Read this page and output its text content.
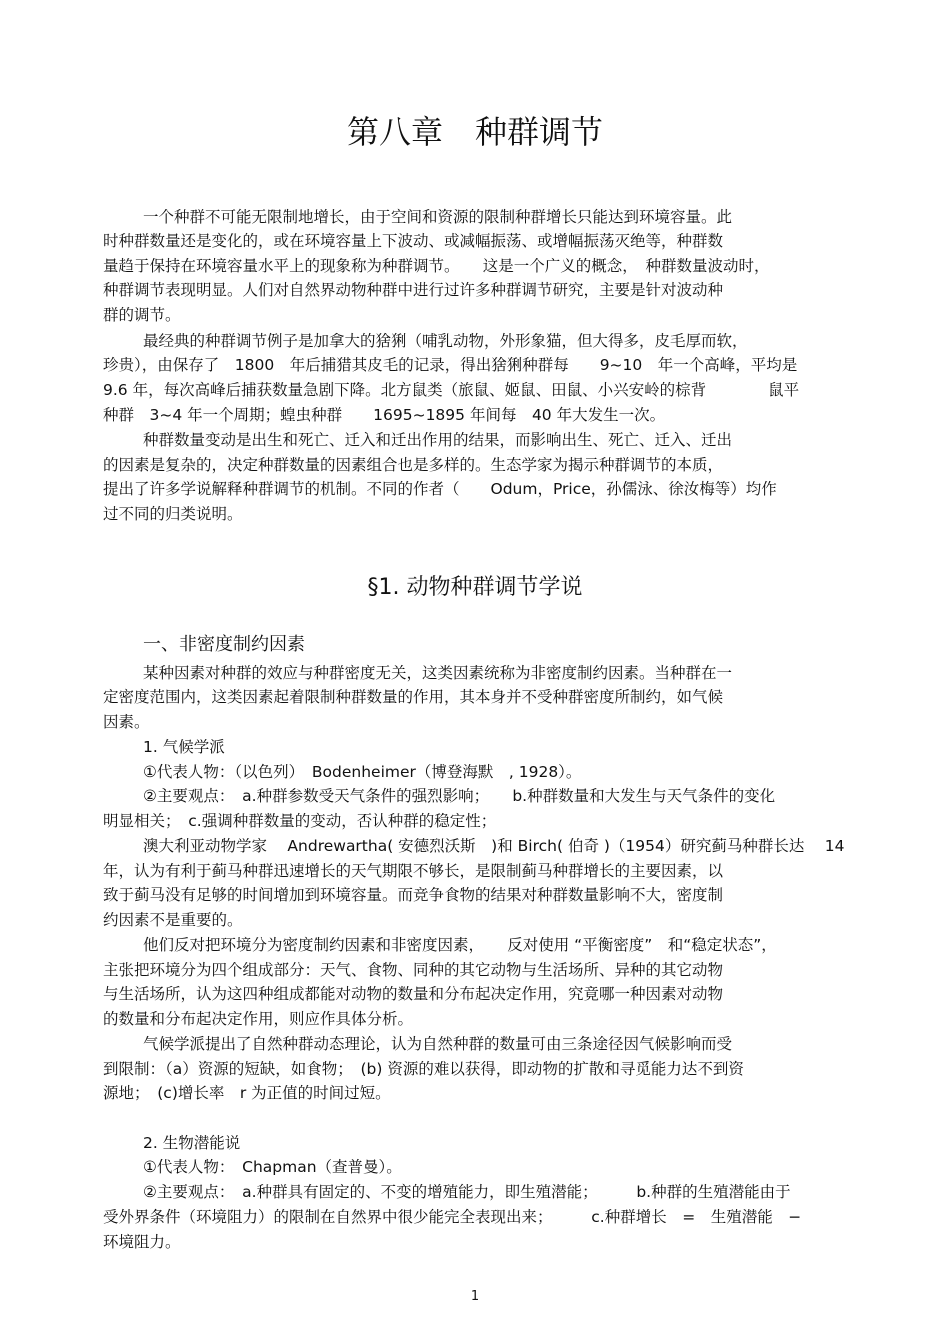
第八章　种群调节
一个种群不可能无限制地增长，由于空间和资源的限制种群增长只能达到环境容量。此
时种群数量还是变化的，或在环境容量上下波动、或减幅振荡、或增幅振荡灭绝等，种群数
量趋于保持在环境容量水平上的现象称为种群调节。　　这是一个广义的概念，　种群数量波动时，
种群调节表现明显。人们对自然界动物种群中进行过许多种群调节研究，主要是针对波动种
群的调节。
最经典的种群调节例子是加拿大的猞猁（哺乳动物，外形象猫，但大得多，皮毛厚而软，
珍贵），由保存了　1800　年后捕猎其皮毛的记录，得出猞猁种群每　　9~10　年一个高峰，平均是
9.6 年，每次高峰后捕获数量急剧下降。北方鼠类（旅鼠、姬鼠、田鼠、小兴安岭的棕背　　　　鼠平
种群　3~4 年一个周期；蝗虫种群　　1695~1895 年间每　40 年大发生一次。
种群数量变动是出生和死亡、迁入和迁出作用的结果，而影响出生、死亡、迁入、迁出
的因素是复杂的，决定种群数量的因素组合也是多样的。生态学家为揭示种群调节的本质，
提出了许多学说解释种群调节的机制。不同的作者（　　Odum，Price，孙儒泳、徐汝梅等）均作
过不同的归类说明。
§1. 动物种群调节学说
一、非密度制约因素
某种因素对种群的效应与种群密度无关，这类因素统称为非密度制约因素。当种群在一
定密度范围内，这类因素起着限制种群数量的作用，其本身并不受种群密度所制约，如气候
因素。
1. 气候学派
①代表人物：（以色列）　Bodenheimer（博登海默　, 1928）。
②主要观点：　a.种群参数受天气条件的强烈影响；　　b.种群数量和大发生与天气条件的变化
明显相关；　c.强调种群数量的变动，否认种群的稳定性；
澳大利亚动物学家　 Andrewartha( 安德烈沃斯　)和 Birch( 伯奇 )（1954）研究蓟马种群长达　 14
年，认为有利于蓟马种群迅速增长的天气期限不够长，是限制蓟马种群增长的主要因素，以
致于蓟马没有足够的时间增加到环境容量。而竞争食物的结果对种群数量影响不大，密度制
约因素不是重要的。
他们反对把环境分为密度制约因素和非密度因素，　　反对使用 “平衡密度”　和“稳定状态”，
主张把环境分为四个组成部分：天气、食物、同种的其它动物与生活场所、异种的其它动物
与生活场所，认为这四种组成都能对动物的数量和分布起决定作用，究竟哪一种因素对动物
的数量和分布起决定作用，则应作具体分析。
气候学派提出了自然种群动态理论，认为自然种群的数量可由三条途径因气候影响而受
到限制：（a）资源的短缺，如食物；　(b) 资源的难以获得，即动物的扩散和寻觅能力达不到资
源地；　(c)增长率　r 为正值的时间过短。
2. 生物潜能说
①代表人物：　Chapman（查普曼）。
②主要观点：　a.种群具有固定的、不变的增殖能力，即生殖潜能；　　　b.种群的生殖潜能由于
受外界条件（环境阻力）的限制在自然界中很少能完全表现出来；　　　c.种群增长　=　生殖潜能　−
环境阻力。
1
